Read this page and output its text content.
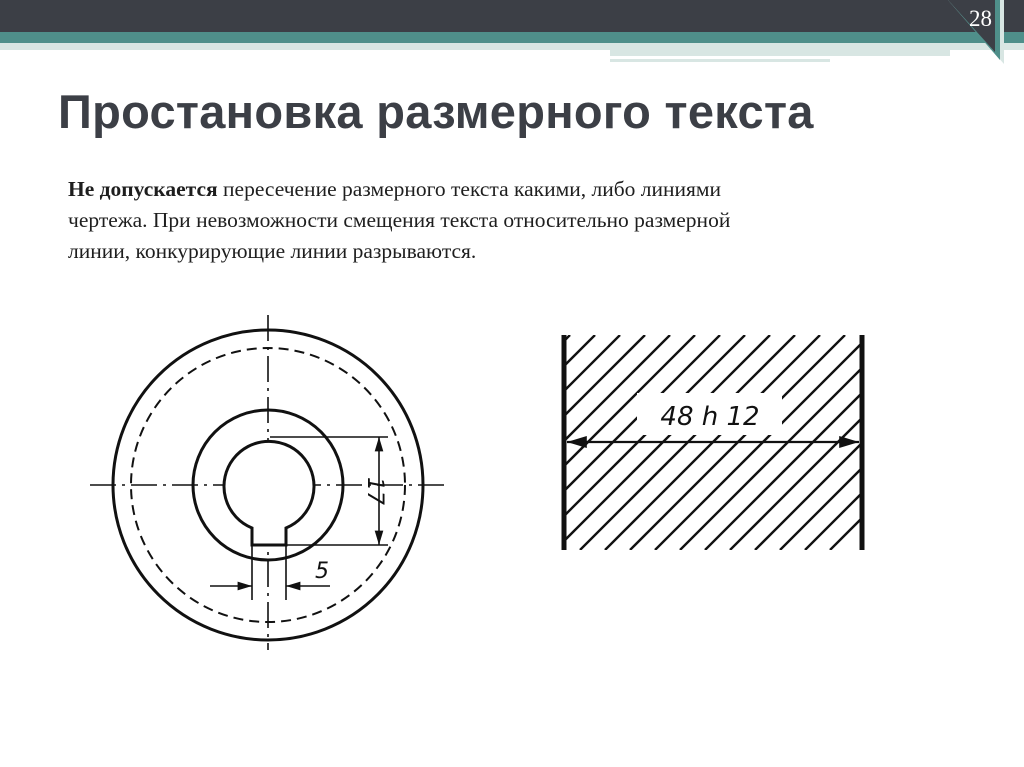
28
Простановка размерного текста
Не допускается пересечение размерного текста какими, либо линиями
чертежа. При невозможности смещения текста относительно размерной
линии, конкурирующие линии разрываются.
17
5
48 h 12
